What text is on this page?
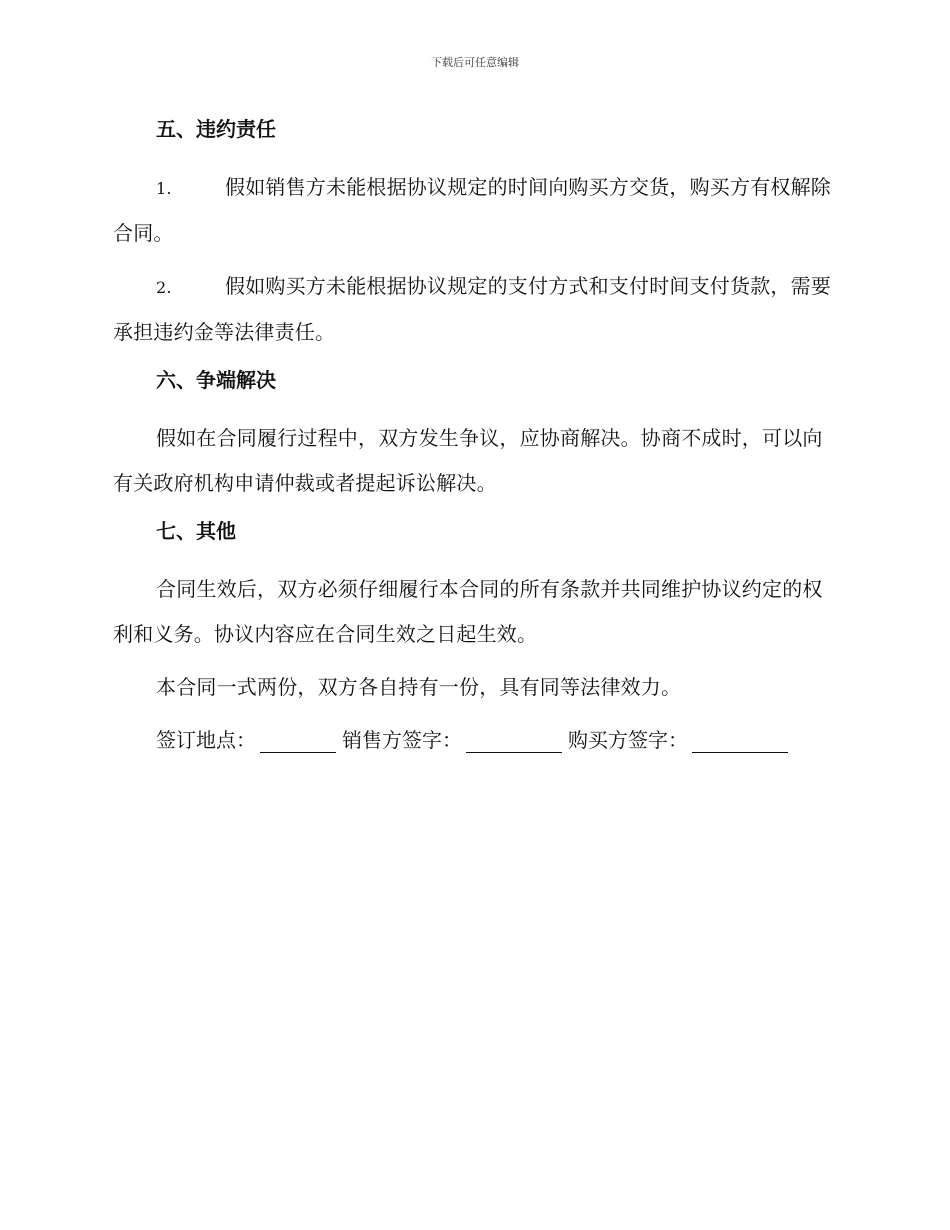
下载后可任意编辑
五、违约责任
1.	假如销售方未能根据协议规定的时间向购买方交货，购买方有权解除合同。
2.	假如购买方未能根据协议规定的支付方式和支付时间支付货款，需要承担违约金等法律责任。
六、争端解决
假如在合同履行过程中，双方发生争议，应协商解决。协商不成时，可以向有关政府机构申请仲裁或者提起诉讼解决。
七、其他
合同生效后，双方必须仔细履行本合同的所有条款并共同维护协议约定的权利和义务。协议内容应在合同生效之日起生效。
本合同一式两份，双方各自持有一份，具有同等法律效力。
签订地点：	销售方签字：	购买方签字：
